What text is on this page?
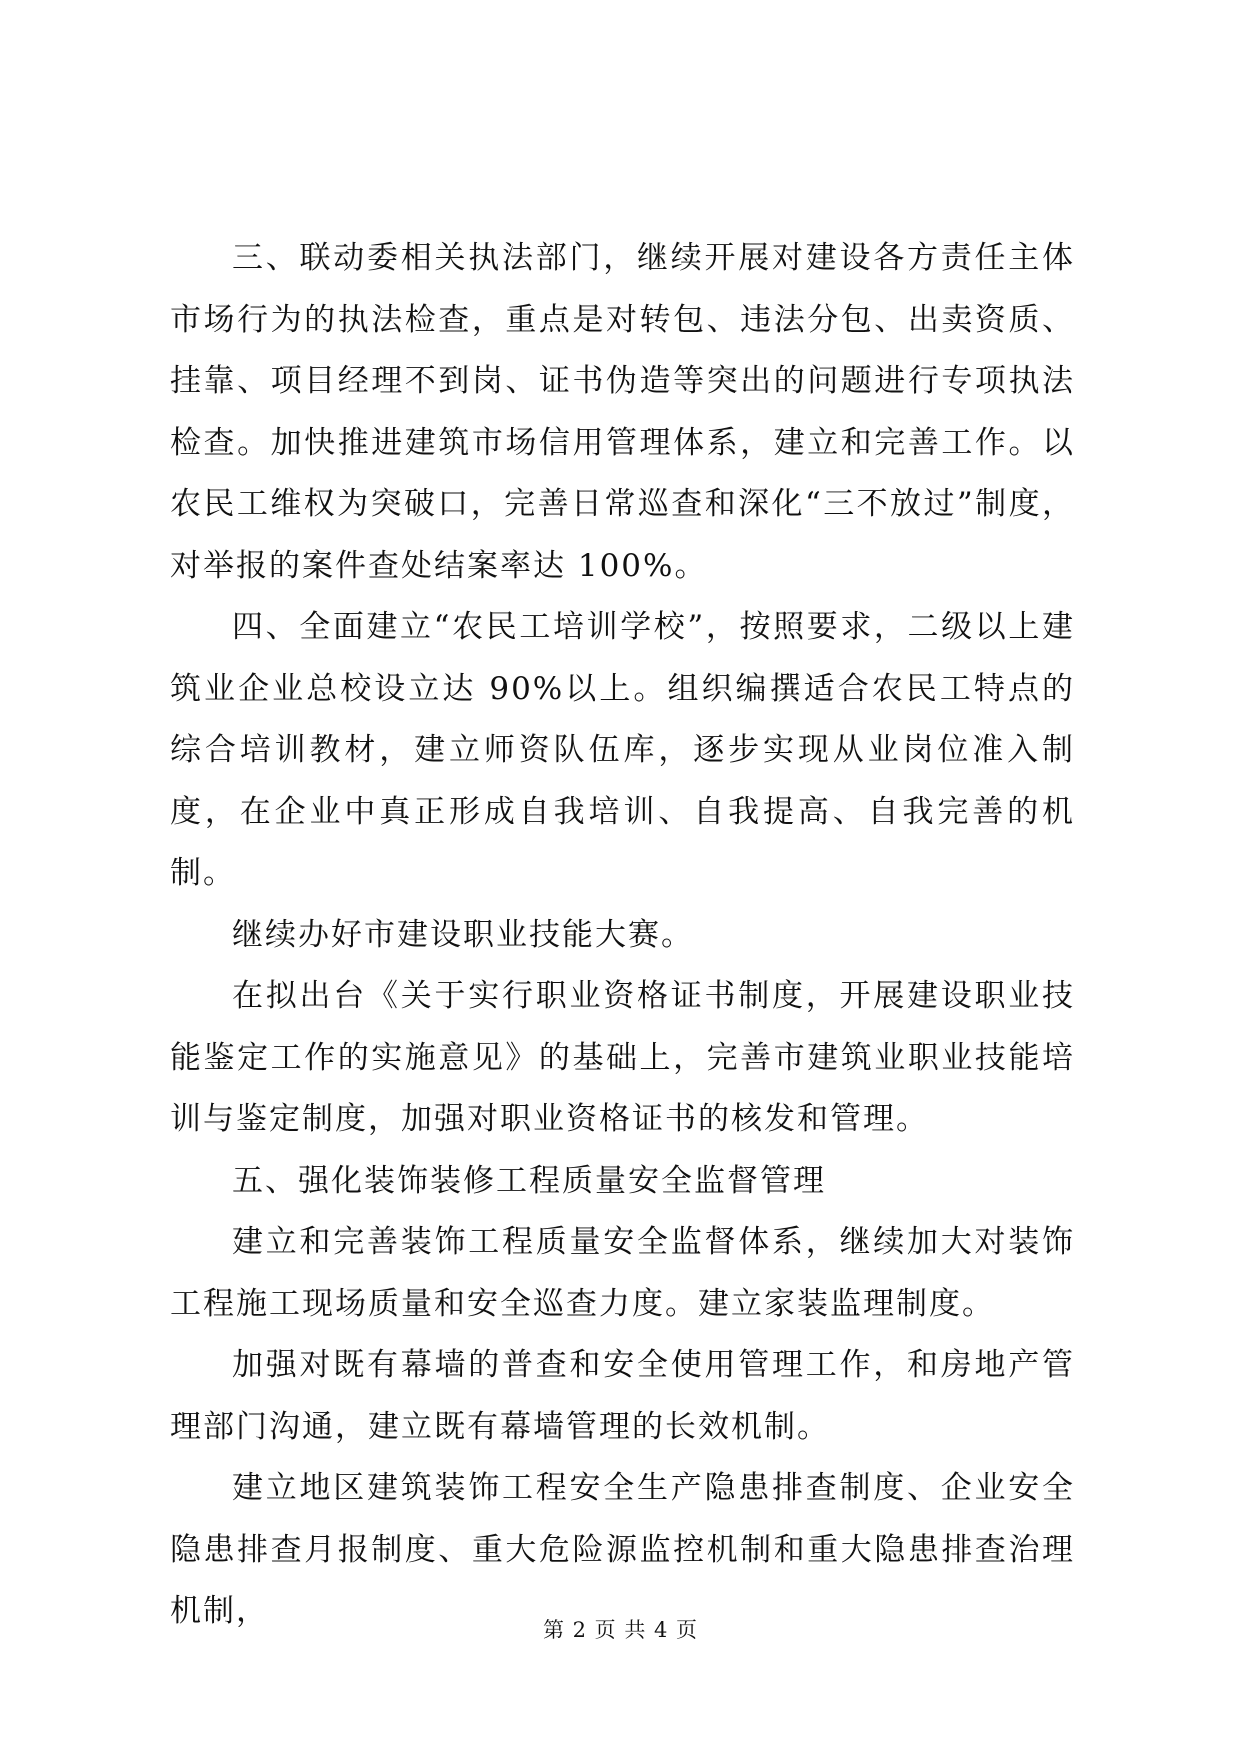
三、联动委相关执法部门，继续开展对建设各方责任主体市场行为的执法检查，重点是对转包、违法分包、出卖资质、挂靠、项目经理不到岗、证书伪造等突出的问题进行专项执法检查。加快推进建筑市场信用管理体系，建立和完善工作。以农民工维权为突破口，完善日常巡查和深化“三不放过”制度，对举报的案件查处结案率达 100%。

四、全面建立“农民工培训学校”，按照要求，二级以上建筑业企业总校设立达 90%以上。组织编撰适合农民工特点的综合培训教材，建立师资队伍库，逐步实现从业岗位准入制度，在企业中真正形成自我培训、自我提高、自我完善的机制。

继续办好市建设职业技能大赛。

在拟出台《关于实行职业资格证书制度，开展建设职业技能鉴定工作的实施意见》的基础上，完善市建筑业职业技能培训与鉴定制度，加强对职业资格证书的核发和管理。

五、强化装饰装修工程质量安全监督管理

建立和完善装饰工程质量安全监督体系，继续加大对装饰工程施工现场质量和安全巡查力度。建立家装监理制度。

加强对既有幕墙的普查和安全使用管理工作，和房地产管理部门沟通，建立既有幕墙管理的长效机制。

建立地区建筑装饰工程安全生产隐患排查制度、企业安全隐患排查月报制度、重大危险源监控机制和重大隐患排查治理机制，

第 2 页 共 4 页
